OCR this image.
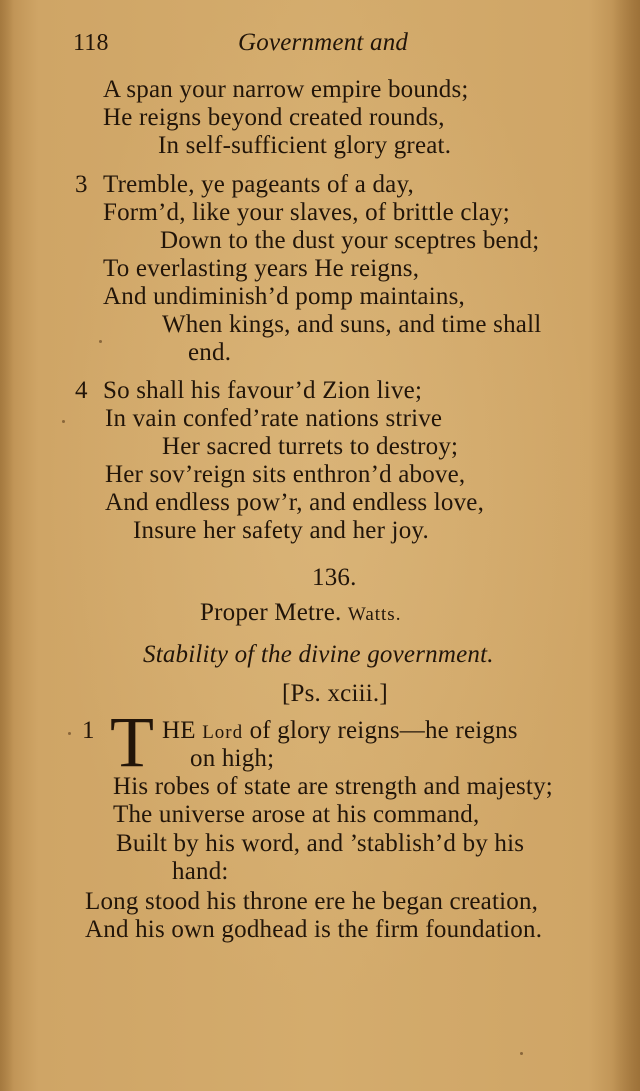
118	Government and
A span your narrow empire bounds;
He reigns beyond created rounds,
In self-sufficient glory great.
3 Tremble, ye pageants of a day,
Form’d, like your slaves, of brittle clay;
Down to the dust your sceptres bend;
To everlasting years He reigns,
And undiminish’d pomp maintains,
When kings, and suns, and time shall
end.
4 So shall his favour’d Zion live;
In vain confed’rate nations strive
Her sacred turrets to destroy;
Her sov’reign sits enthron’d above,
And endless pow’r, and endless love,
Insure her safety and her joy.
136.
Proper Metre. Watts.
Stability of the divine government.
[Ps. xciii.]
1 T HE Lord of glory reigns—he reigns
on high;
His robes of state are strength and majesty;
The universe arose at his command,
Built by his word, and ’stablish’d by his
hand:
Long stood his throne ere he began creation,
And his own godhead is the firm foundation.
